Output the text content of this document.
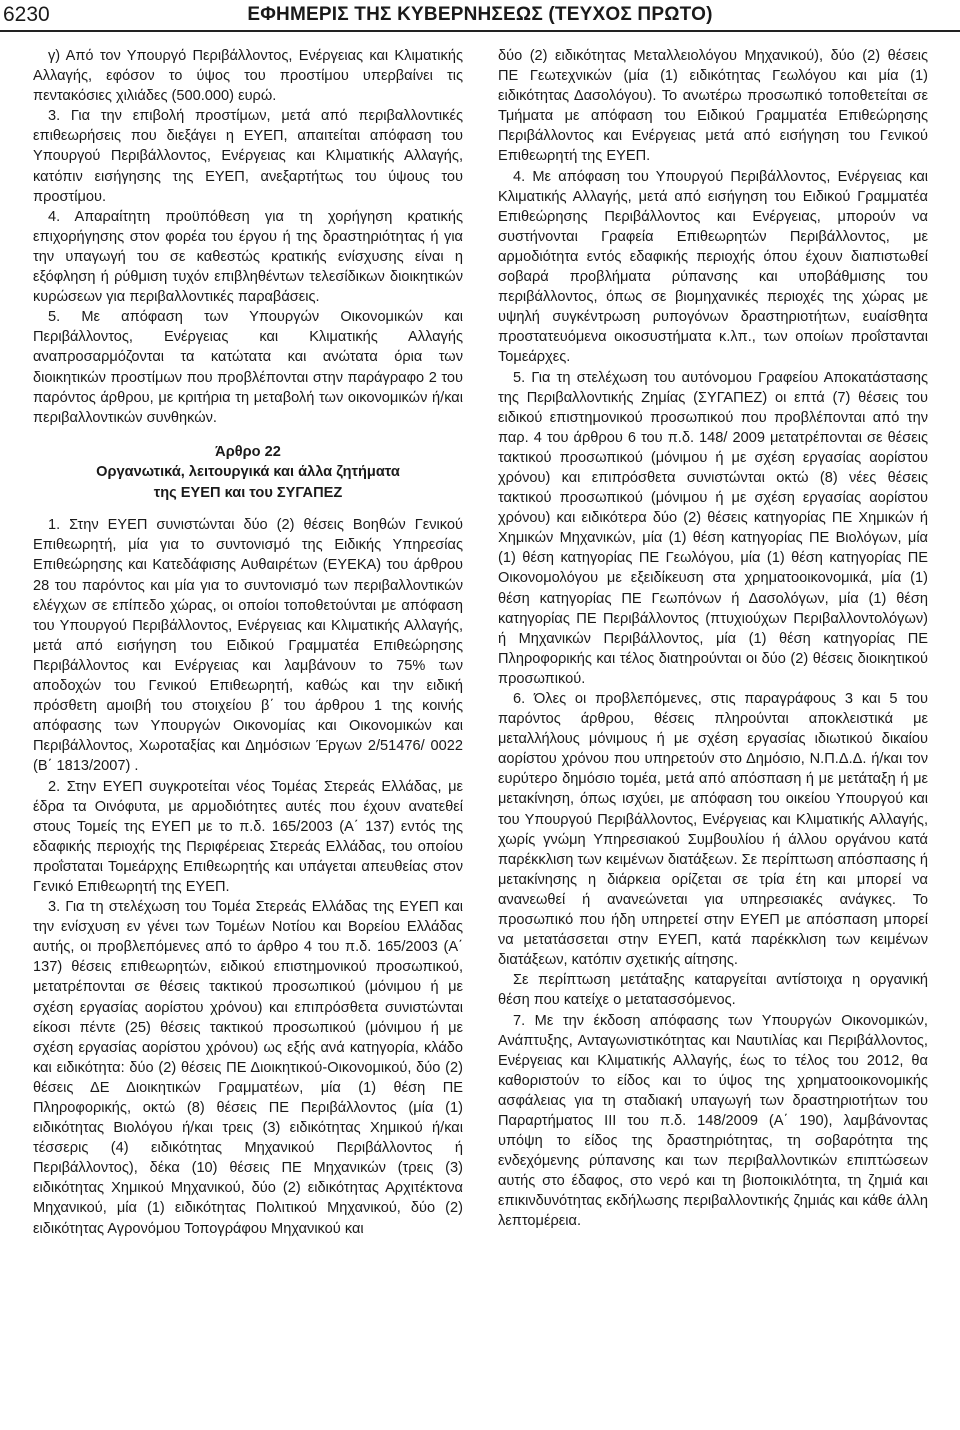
6230	ΕΦΗΜΕΡΙΣ ΤΗΣ ΚΥΒΕΡΝΗΣΕΩΣ (ΤΕΥΧΟΣ ΠΡΩΤΟ)

γ) Από τον Υπουργό Περιβάλλοντος, Ενέργειας και Κλιματικής Αλλαγής, εφόσον το ύψος του προστίμου υπερβαίνει τις πεντακόσιες χιλιάδες (500.000) ευρώ.

3. Για την επιβολή προστίμων, μετά από περιβαλλοντικές επιθεωρήσεις που διεξάγει η ΕΥΕΠ, απαιτείται απόφαση του Υπουργού Περιβάλλοντος, Ενέργειας και Κλιματικής Αλλαγής, κατόπιν εισήγησης της ΕΥΕΠ, ανεξαρτήτως του ύψους του προστίμου.

4. Απαραίτητη προϋπόθεση για τη χορήγηση κρατικής επιχορήγησης στον φορέα του έργου ή της δραστηριότητας ή για την υπαγωγή του σε καθεστώς κρατικής ενίσχυσης είναι η εξόφληση ή ρύθμιση τυχόν επιβληθέντων τελεσίδικων διοικητικών κυρώσεων για περιβαλλοντικές παραβάσεις.

5. Με απόφαση των Υπουργών Οικονομικών και Περιβάλλοντος, Ενέργειας και Κλιματικής Αλλαγής αναπροσαρμόζονται τα κατώτατα και ανώτατα όρια των διοικητικών προστίμων που προβλέπονται στην παράγραφο 2 του παρόντος άρθρου, με κριτήρια τη μεταβολή των οικονομικών ή/και περιβαλλοντικών συνθηκών.

Άρθρο 22
Οργανωτικά, λειτουργικά και άλλα ζητήματα
της ΕΥΕΠ και του ΣΥΓΑΠΕΖ

1. Στην ΕΥΕΠ συνιστώνται δύο (2) θέσεις Βοηθών Γενικού Επιθεωρητή, μία για το συντονισμό της Ειδικής Υπηρεσίας Επιθεώρησης και Κατεδάφισης Αυθαιρέτων (ΕΥΕΚΑ) του άρθρου 28 του παρόντος και μία για το συντονισμό των περιβαλλοντικών ελέγχων σε επίπεδο χώρας, οι οποίοι τοποθετούνται με απόφαση του Υπουργού Περιβάλλοντος, Ενέργειας και Κλιματικής Αλλαγής, μετά από εισήγηση του Ειδικού Γραμματέα Επιθεώρησης Περιβάλλοντος και Ενέργειας και λαμβάνουν το 75% των αποδοχών του Γενικού Επιθεωρητή, καθώς και την ειδική πρόσθετη αμοιβή του στοιχείου β΄ του άρθρου 1 της κοινής απόφασης των Υπουργών Οικονομίας και Οικονομικών και Περιβάλλοντος, Χωροταξίας και Δημόσιων Έργων 2/51476/ 0022 (Β΄ 1813/2007) .

2. Στην ΕΥΕΠ συγκροτείται νέος Τομέας Στερεάς Ελλάδας, με έδρα τα Οινόφυτα, με αρμοδιότητες αυτές που έχουν ανατεθεί στους Τομείς της ΕΥΕΠ με το π.δ. 165/2003 (Α΄ 137) εντός της εδαφικής περιοχής της Περιφέρειας Στερεάς Ελλάδας, του οποίου προΐσταται Τομεάρχης Επιθεωρητής και υπάγεται απευθείας στον Γενικό Επιθεωρητή της ΕΥΕΠ.

3. Για τη στελέχωση του Τομέα Στερεάς Ελλάδας της ΕΥΕΠ και την ενίσχυση εν γένει των Τομέων Νοτίου και Βορείου Ελλάδας αυτής, οι προβλεπόμενες από το άρθρο 4 του π.δ. 165/2003 (Α΄ 137) θέσεις επιθεωρητών, ειδικού επιστημονικού προσωπικού, μετατρέπονται σε θέσεις τακτικού προσωπικού (μόνιμου ή με σχέση εργασίας αορίστου χρόνου) και επιπρόσθετα συνιστώνται είκοσι πέντε (25) θέσεις τακτικού προσωπικού (μόνιμου ή με σχέση εργασίας αορίστου χρόνου) ως εξής ανά κατηγορία, κλάδο και ειδικότητα: δύο (2) θέσεις ΠΕ Διοικητικού-Οικονομικού, δύο (2) θέσεις ΔΕ Διοικητικών Γραμματέων, μία (1) θέση ΠΕ Πληροφορικής, οκτώ (8) θέσεις ΠΕ Περιβάλλοντος (μία (1) ειδικότητας Βιολόγου ή/και τρεις (3) ειδικότητας Χημικού ή/και τέσσερις (4) ειδικότητας Μηχανικού Περιβάλλοντος ή Περιβάλλοντος), δέκα (10) θέσεις ΠΕ Μηχανικών (τρεις (3) ειδικότητας Χημικού Μηχανικού, δύο (2) ειδικότητας Αρχιτέκτονα Μηχανικού, μία (1) ειδικότητας Πολιτικού Μηχανικού, δύο (2) ειδικότητας Αγρονόμου Τοπογράφου Μηχανικού και

δύο (2) ειδικότητας Μεταλλειολόγου Μηχανικού), δύο (2) θέσεις ΠΕ Γεωτεχνικών (μία (1) ειδικότητας Γεωλόγου και μία (1) ειδικότητας Δασολόγου). Το ανωτέρω προσωπικό τοποθετείται σε Τμήματα με απόφαση του Ειδικού Γραμματέα Επιθεώρησης Περιβάλλοντος και Ενέργειας μετά από εισήγηση του Γενικού Επιθεωρητή της ΕΥΕΠ.

4. Με απόφαση του Υπουργού Περιβάλλοντος, Ενέργειας και Κλιματικής Αλλαγής, μετά από εισήγηση του Ειδικού Γραμματέα Επιθεώρησης Περιβάλλοντος και Ενέργειας, μπορούν να συστήνονται Γραφεία Επιθεωρητών Περιβάλλοντος, με αρμοδιότητα εντός εδαφικής περιοχής όπου έχουν διαπιστωθεί σοβαρά προβλήματα ρύπανσης και υποβάθμισης του περιβάλλοντος, όπως σε βιομηχανικές περιοχές της χώρας με υψηλή συγκέντρωση ρυπογόνων δραστηριοτήτων, ευαίσθητα προστατευόμενα οικοσυστήματα κ.λπ., των οποίων προΐστανται Τομεάρχες.

5. Για τη στελέχωση του αυτόνομου Γραφείου Αποκατάστασης της Περιβαλλοντικής Ζημίας (ΣΥΓΑΠΕΖ) οι επτά (7) θέσεις του ειδικού επιστημονικού προσωπικού που προβλέπονται από την παρ. 4 του άρθρου 6 του π.δ. 148/ 2009 μετατρέπονται σε θέσεις τακτικού προσωπικού (μόνιμου ή με σχέση εργασίας αορίστου χρόνου) και επιπρόσθετα συνιστώνται οκτώ (8) νέες θέσεις τακτικού προσωπικού (μόνιμου ή με σχέση εργασίας αορίστου χρόνου) και ειδικότερα δύο (2) θέσεις κατηγορίας ΠΕ Χημικών ή Χημικών Μηχανικών, μία (1) θέση κατηγορίας ΠΕ Βιολόγων, μία (1) θέση κατηγορίας ΠΕ Γεωλόγου, μία (1) θέση κατηγορίας ΠΕ Οικονομολόγου με εξειδίκευση στα χρηματοοικονομικά, μία (1) θέση κατηγορίας ΠΕ Γεωπόνων ή Δασολόγων, μία (1) θέση κατηγορίας ΠΕ Περιβάλλοντος (πτυχιούχων Περιβαλλοντολόγων) ή Μηχανικών Περιβάλλοντος, μία (1) θέση κατηγορίας ΠΕ Πληροφορικής και τέλος διατηρούνται οι δύο (2) θέσεις διοικητικού προσωπικού.

6. Όλες οι προβλεπόμενες, στις παραγράφους 3 και 5 του παρόντος άρθρου, θέσεις πληρούνται αποκλειστικά με μεταλλήλους μόνιμους ή με σχέση εργασίας ιδιωτικού δικαίου αορίστου χρόνου που υπηρετούν στο Δημόσιο, Ν.Π.Δ.Δ. ή/και τον ευρύτερο δημόσιο τομέα, μετά από απόσπαση ή με μετάταξη ή με μετακίνηση, όπως ισχύει, με απόφαση του οικείου Υπουργού και του Υπουργού Περιβάλλοντος, Ενέργειας και Κλιματικής Αλλαγής, χωρίς γνώμη Υπηρεσιακού Συμβουλίου ή άλλου οργάνου κατά παρέκκλιση των κειμένων διατάξεων. Σε περίπτωση απόσπασης ή μετακίνησης η διάρκεια ορίζεται σε τρία έτη και μπορεί να ανανεωθεί ή ανανεώνεται για υπηρεσιακές ανάγκες. Το προσωπικό που ήδη υπηρετεί στην ΕΥΕΠ με απόσπαση μπορεί να μετατάσσεται στην ΕΥΕΠ, κατά παρέκκλιση των κειμένων διατάξεων, κατόπιν σχετικής αίτησης.

Σε περίπτωση μετάταξης καταργείται αντίστοιχα η οργανική θέση που κατείχε ο μετατασσόμενος.

7. Με την έκδοση απόφασης των Υπουργών Οικονομικών, Ανάπτυξης, Ανταγωνιστικότητας και Ναυτιλίας και Περιβάλλοντος, Ενέργειας και Κλιματικής Αλλαγής, έως το τέλος του 2012, θα καθοριστούν το είδος και το ύψος της χρηματοοικονομικής ασφάλειας για τη σταδιακή υπαγωγή των δραστηριοτήτων του Παραρτήματος III του π.δ. 148/2009 (Α΄ 190), λαμβάνοντας υπόψη το είδος της δραστηριότητας, τη σοβαρότητα της ενδεχόμενης ρύπανσης και των περιβαλλοντικών επιπτώσεων αυτής στο έδαφος, στο νερό και τη βιοποικιλότητα, τη ζημιά και επικινδυνότητας εκδήλωσης περιβαλλοντικής ζημιάς και κάθε άλλη λεπτομέρεια.
